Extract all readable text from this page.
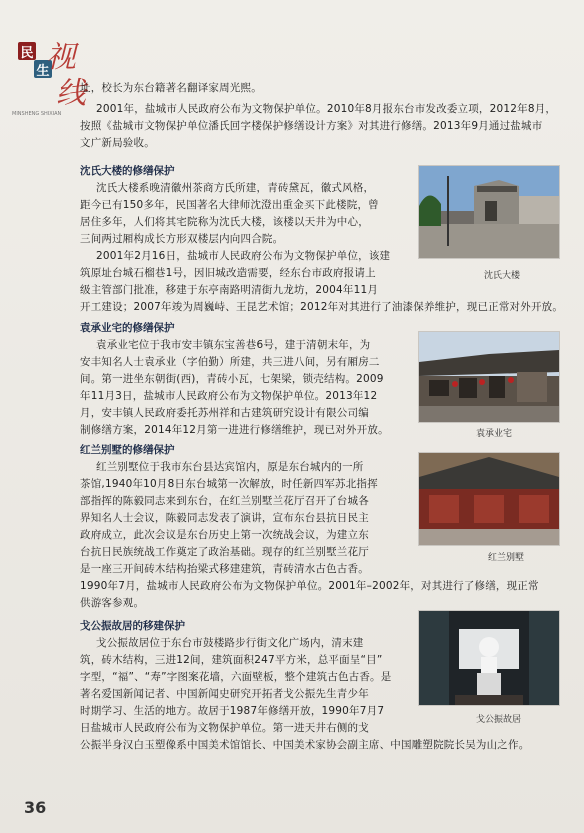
民
生
视
线
MINSHENG SHIXIAN
址，校长为东台籍著名翻译家周光熙。
2001年，盐城市人民政府公布为文物保护单位。2010年8月报东台市发改委立项，2012年8月，
按照《盐城市文物保护单位潘氏回字楼保护修缮设计方案》对其进行修缮。2013年9月通过盐城市
文广新局验收。
沈氏大楼的修缮保护
沈氏大楼系晚清徽州茶商方氏所建，青砖黛瓦，徽式风格，
距今已有150多年，民国著名大律师沈澄出重金买下此楼院，曾
居住多年，人们将其宅院称为沈氏大楼，该楼以天井为中心，
三间两过厢构成长方形双楼层内向四合院。
2001年2月16日，盐城市人民政府公布为文物保护单位，该建
筑原址台城石榴巷1号，因旧城改造需要，经东台市政府报请上
级主管部门批准，移建于东亭南路明清街九龙坊，2004年11月
开工建设；2007年竣为周巍峙、王昆艺术馆；2012年对其进行了油漆保养维护，现已正常对外开放。
沈氏大楼
袁承业宅的修缮保护
袁承业宅位于我市安丰镇东宝善巷6号，建于清朝末年，为
安丰知名人士袁承业（字伯勤）所建，共三进八间，另有厢房二
间。第一进坐东朝街(西)，青砖小瓦，七架梁，锁壳结构。2009
年11月3日，盐城市人民政府公布为文物保护单位。2013年12
月，安丰镇人民政府委托苏州祥和古建筑研究设计有限公司编
制修缮方案，2014年12月第一进进行修缮维护，现已对外开放。	袁承业宅
红兰别墅的修缮保护
红兰别墅位于我市东台县达宾馆内，原是东台城内的一所
茶馆,1940年10月8日东台城第一次解放，时任新四军苏北指挥
部指挥的陈毅同志来到东台，在红兰别墅兰花厅召开了台城各
界知名人士会议，陈毅同志发表了演讲，宣布东台县抗日民主
政府成立，此次会议是东台历史上第一次统战会议，为建立东
台抗日民族统战工作奠定了政治基础。现存的红兰别墅兰花厅
是一座三开间砖木结构抬梁式移建建筑，青砖清水古色古香。
1990年7月，盐城市人民政府公布为文物保护单位。2001年–2002年，对其进行了修缮，现正常
供游客参观。
红兰别墅
戈公振故居的移建保护
戈公振故居位于东台市鼓楼路步行街文化广场内，清末建
筑，砖木结构，三进12间，建筑面积247平方米，总平面呈“目”
字型，“福”、“寿”字图案花墙，六面壁板，整个建筑古色古香。是
著名爱国新闻记者、中国新闻史研究开拓者戈公振先生青少年
时期学习、生活的地方。故居于1987年修缮开放，1990年7月7
日盐城市人民政府公布为文物保护单位。第一进天井右侧的戈
公振半身汉白玉塑像系中国美术馆馆长、中国美术家协会副主席、中国雕塑院院长吴为山之作。
戈公振故居
36
